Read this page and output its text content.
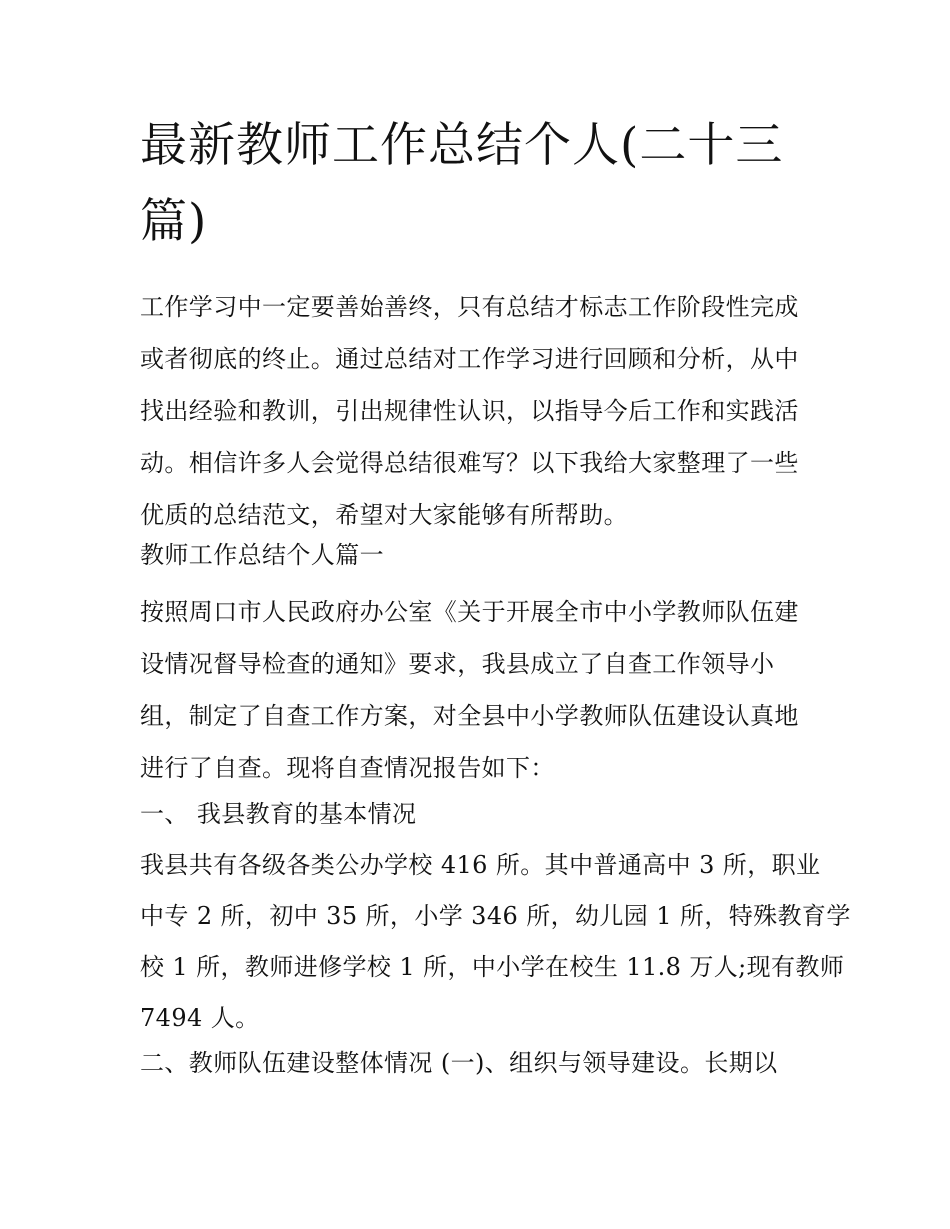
最新教师工作总结个人(二十三
篇)

工作学习中一定要善始善终，只有总结才标志工作阶段性完成
或者彻底的终止。通过总结对工作学习进行回顾和分析，从中
找出经验和教训，引出规律性认识，以指导今后工作和实践活
动。相信许多人会觉得总结很难写？以下我给大家整理了一些
优质的总结范文，希望对大家能够有所帮助。

教师工作总结个人篇一

按照周口市人民政府办公室《关于开展全市中小学教师队伍建
设情况督导检查的通知》要求，我县成立了自查工作领导小
组，制定了自查工作方案，对全县中小学教师队伍建设认真地
进行了自查。现将自查情况报告如下：

一、 我县教育的基本情况

我县共有各级各类公办学校 416 所。其中普通高中 3 所，职业
中专 2 所，初中 35 所，小学 346 所，幼儿园 1 所，特殊教育学
校 1 所，教师进修学校 1 所，中小学在校生 11.8 万人;现有教师
7494 人。

二、教师队伍建设整体情况 (一)、组织与领导建设。长期以
